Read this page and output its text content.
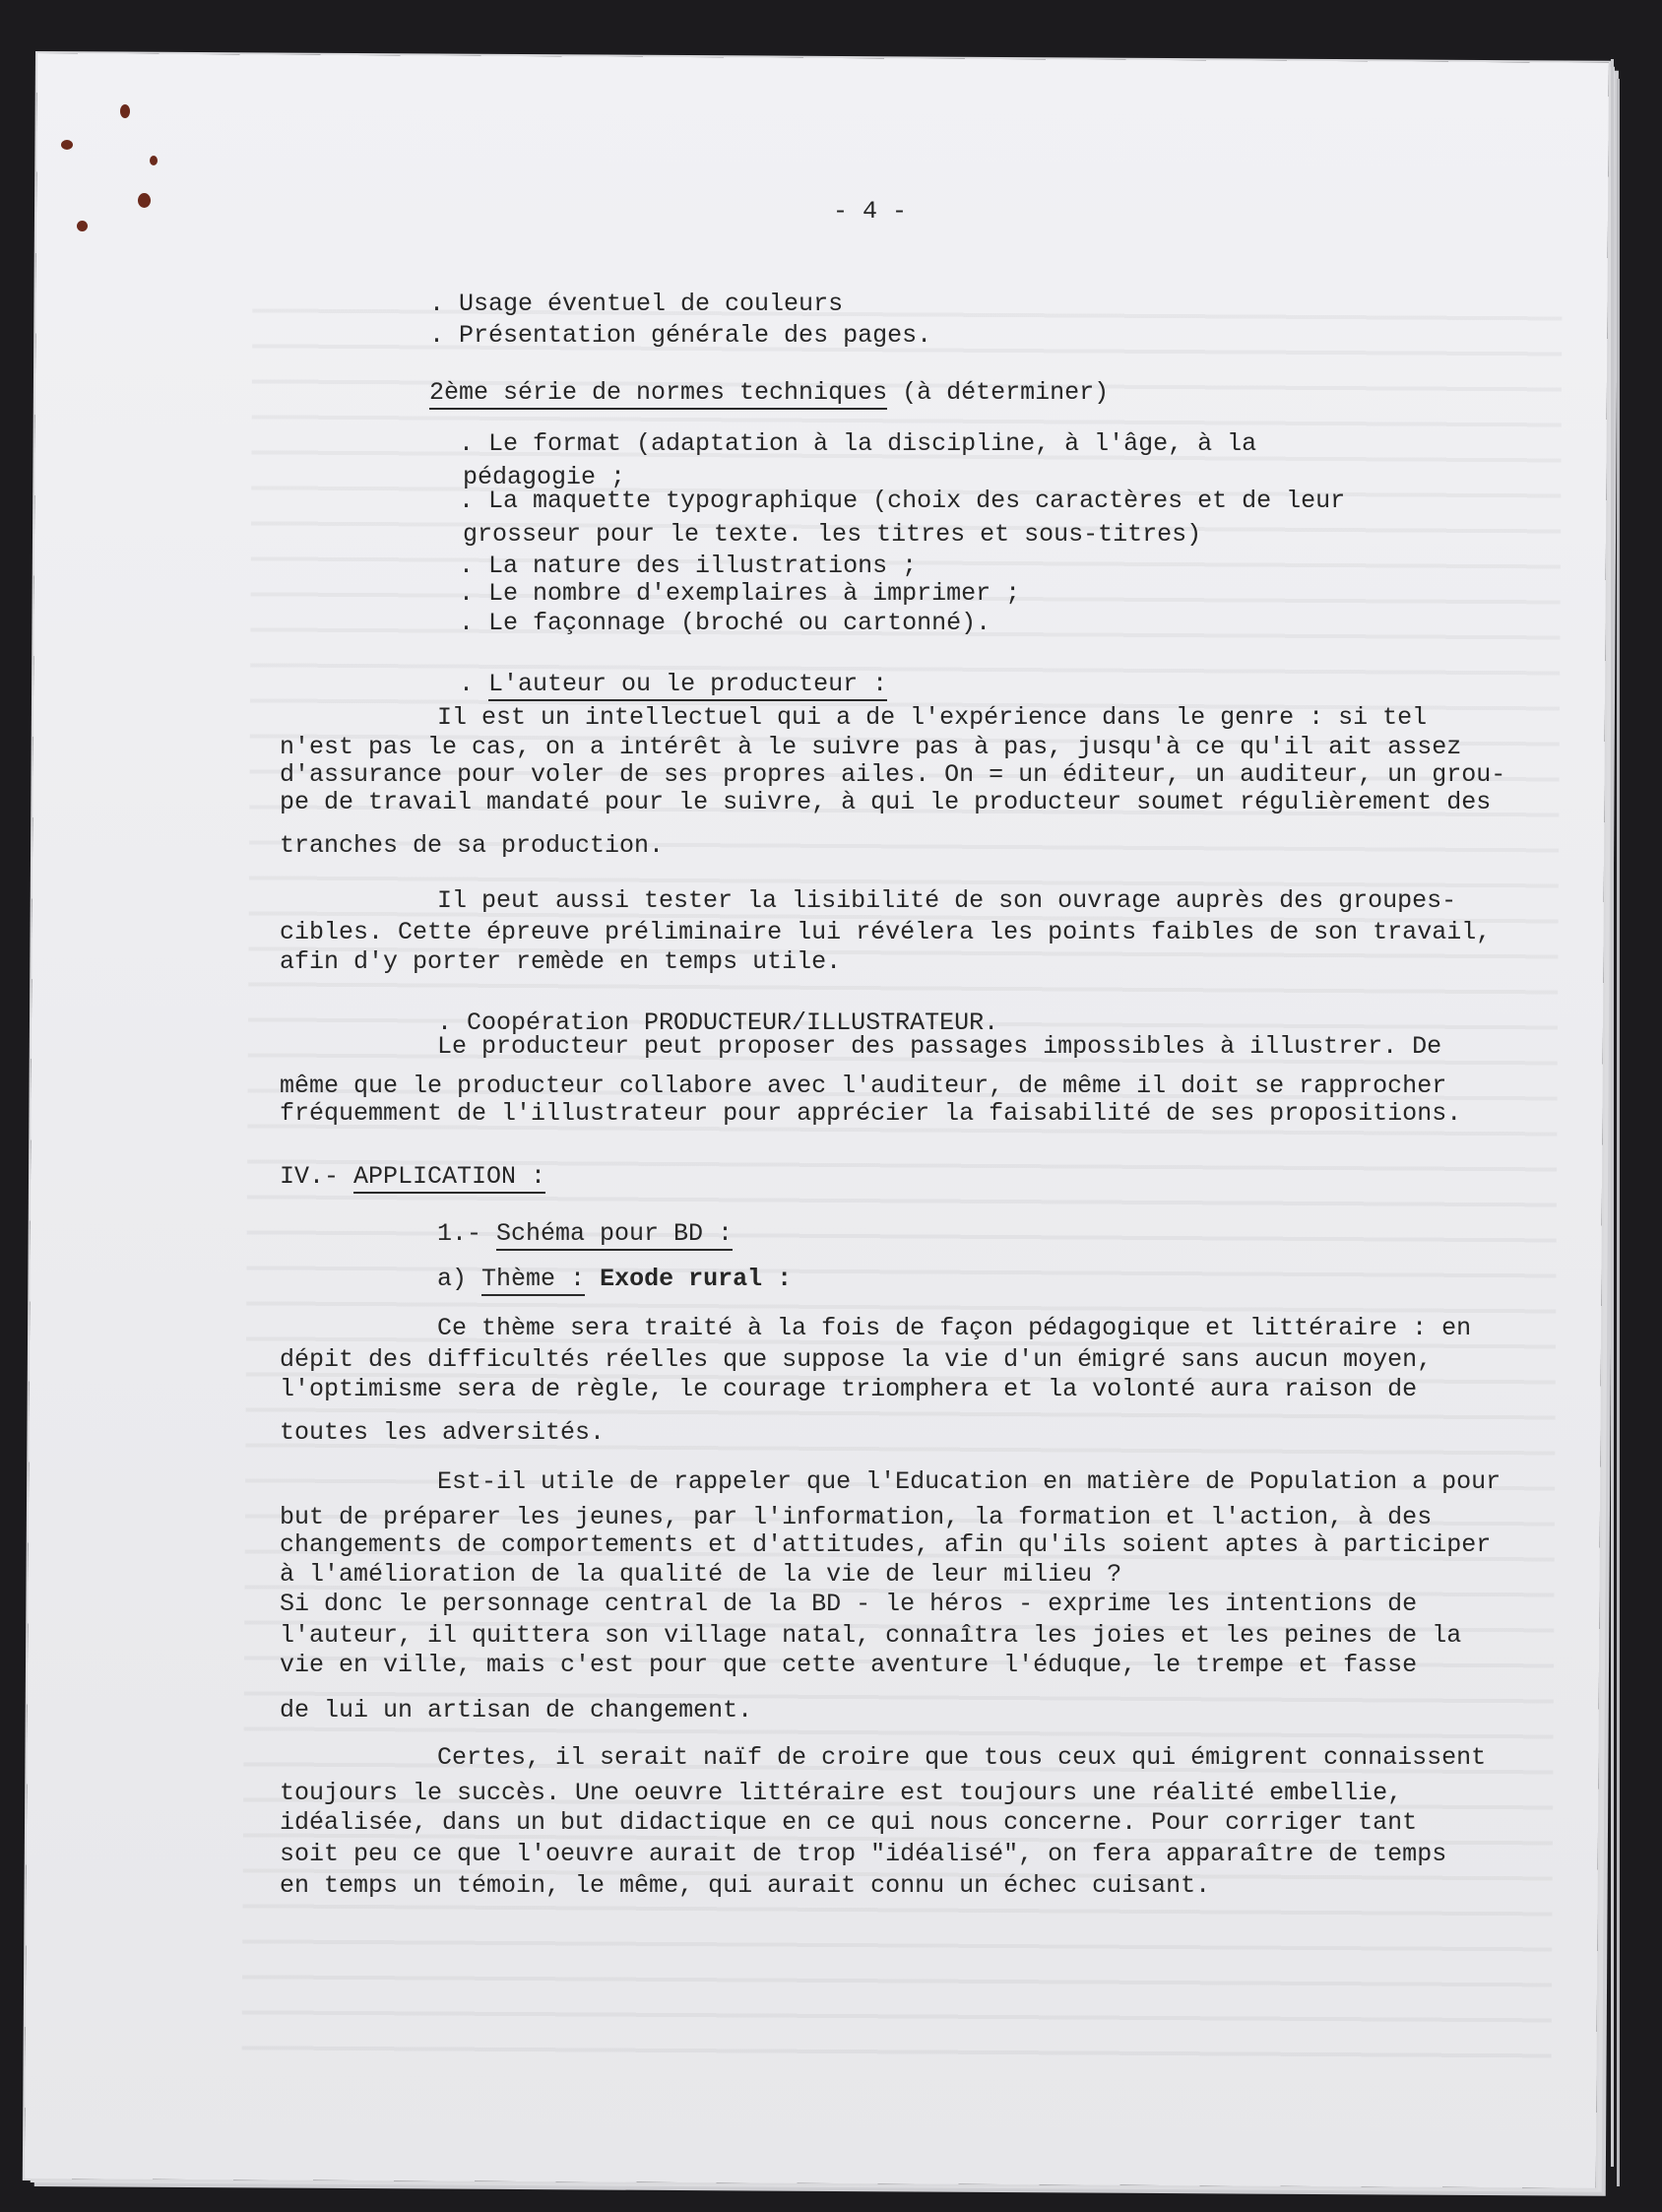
- 4 -
. Usage éventuel de couleurs
. Présentation générale des pages.
2ème série de normes techniques (à déterminer)
. Le format (adaptation à la discipline, à l'âge, à la
pédagogie ;
. La maquette typographique (choix des caractères et de leur
grosseur pour le texte. les titres et sous-titres)
. La nature des illustrations ;
. Le nombre d'exemplaires à imprimer ;
. Le façonnage (broché ou cartonné).
. L'auteur ou le producteur :
Il est un intellectuel qui a de l'expérience dans le genre : si tel
n'est pas le cas, on a intérêt à le suivre pas à pas, jusqu'à ce qu'il ait assez
d'assurance pour voler de ses propres ailes. On = un éditeur, un auditeur, un grou-
pe de travail mandaté pour le suivre, à qui le producteur soumet régulièrement des
tranches de sa production.
Il peut aussi tester la lisibilité de son ouvrage auprès des groupes-
cibles. Cette épreuve préliminaire lui révélera les points faibles de son travail,
afin d'y porter remède en temps utile.
. Coopération PRODUCTEUR/ILLUSTRATEUR.
Le producteur peut proposer des passages impossibles à illustrer. De
même que le producteur collabore avec l'auditeur, de même il doit se rapprocher
fréquemment de l'illustrateur pour apprécier la faisabilité de ses propositions.
IV.- APPLICATION :
1.- Schéma pour BD :
a) Thème : Exode rural :
Ce thème sera traité à la fois de façon pédagogique et littéraire : en
dépit des difficultés réelles que suppose la vie d'un émigré sans aucun moyen,
l'optimisme sera de règle, le courage triomphera et la volonté aura raison de
toutes les adversités.
Est-il utile de rappeler que l'Education en matière de Population a pour
but de préparer les jeunes, par l'information, la formation et l'action, à des
changements de comportements et d'attitudes, afin qu'ils soient aptes à participer
à l'amélioration de la qualité de la vie de leur milieu ?
Si donc le personnage central de la BD - le héros - exprime les intentions de
l'auteur, il quittera son village natal, connaîtra les joies et les peines de la
vie en ville, mais c'est pour que cette aventure l'éduque, le trempe et fasse
de lui un artisan de changement.
Certes, il serait naïf de croire que tous ceux qui émigrent connaissent
toujours le succès. Une oeuvre littéraire est toujours une réalité embellie,
idéalisée, dans un but didactique en ce qui nous concerne. Pour corriger tant
soit peu ce que l'oeuvre aurait de trop "idéalisé", on fera apparaître de temps
en temps un témoin, le même, qui aurait connu un échec cuisant.
